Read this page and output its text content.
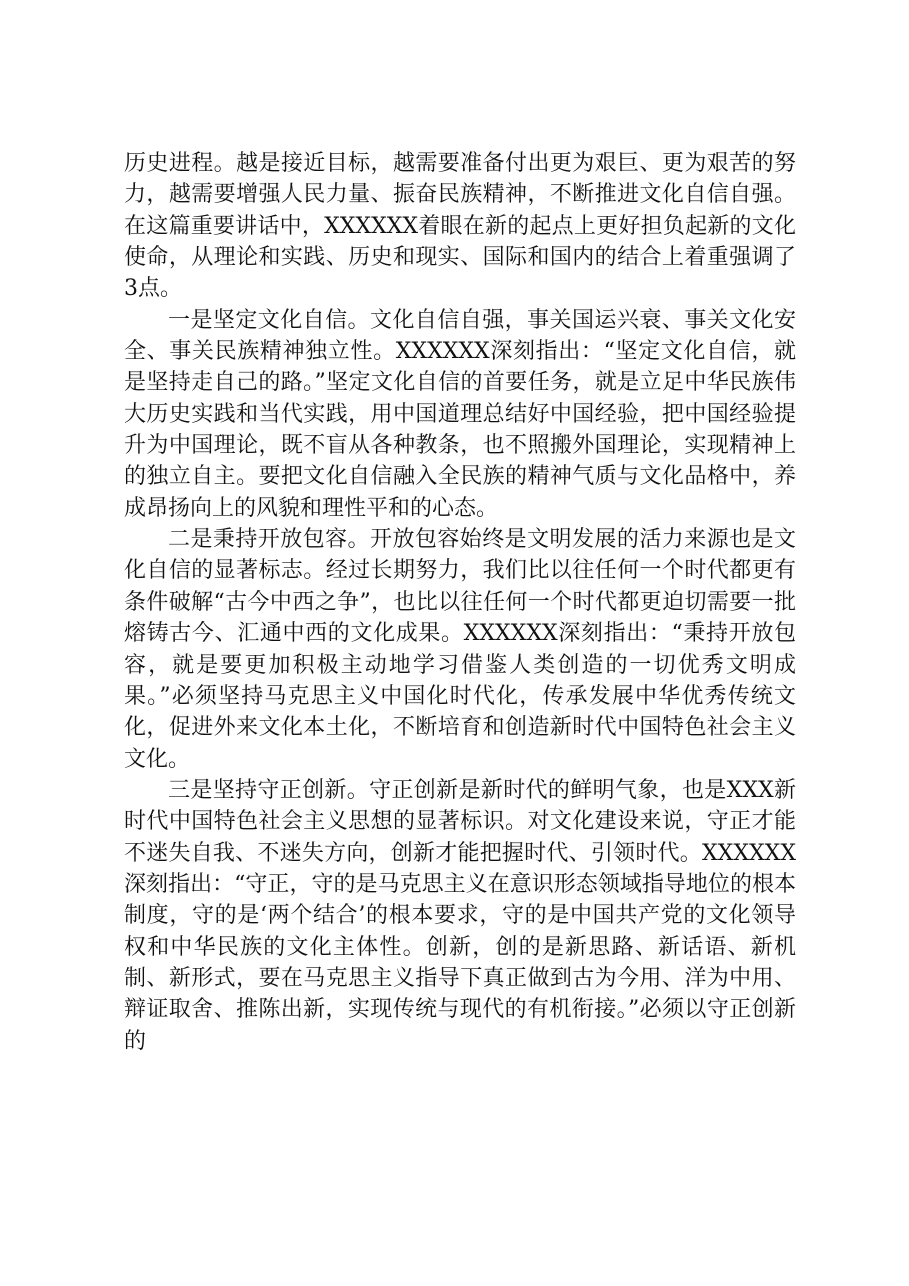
历史进程。越是接近目标，越需要准备付出更为艰巨、更为艰苦的努力，越需要增强人民力量、振奋民族精神，不断推进文化自信自强。在这篇重要讲话中，XXXXXX着眼在新的起点上更好担负起新的文化使命，从理论和实践、历史和现实、国际和国内的结合上着重强调了3点。

一是坚定文化自信。文化自信自强，事关国运兴衰、事关文化安全、事关民族精神独立性。XXXXXX深刻指出：“坚定文化自信，就是坚持走自己的路。”坚定文化自信的首要任务，就是立足中华民族伟大历史实践和当代实践，用中国道理总结好中国经验，把中国经验提升为中国理论，既不盲从各种教条，也不照搬外国理论，实现精神上的独立自主。要把文化自信融入全民族的精神气质与文化品格中，养成昂扬向上的风貌和理性平和的心态。

二是秉持开放包容。开放包容始终是文明发展的活力来源也是文化自信的显著标志。经过长期努力，我们比以往任何一个时代都更有条件破解“古今中西之争”，也比以往任何一个时代都更迫切需要一批熔铸古今、汇通中西的文化成果。XXXXXX深刻指出：“秉持开放包容，就是要更加积极主动地学习借鉴人类创造的一切优秀文明成果。”必须坚持马克思主义中国化时代化，传承发展中华优秀传统文化，促进外来文化本土化，不断培育和创造新时代中国特色社会主义文化。

三是坚持守正创新。守正创新是新时代的鲜明气象，也是XXX新时代中国特色社会主义思想的显著标识。对文化建设来说，守正才能不迷失自我、不迷失方向，创新才能把握时代、引领时代。XXXXXX深刻指出：“守正，守的是马克思主义在意识形态领域指导地位的根本制度，守的是‘两个结合’的根本要求，守的是中国共产党的文化领导权和中华民族的文化主体性。创新，创的是新思路、新话语、新机制、新形式，要在马克思主义指导下真正做到古为今用、洋为中用、辩证取舍、推陈出新，实现传统与现代的有机衔接。”必须以守正创新的
